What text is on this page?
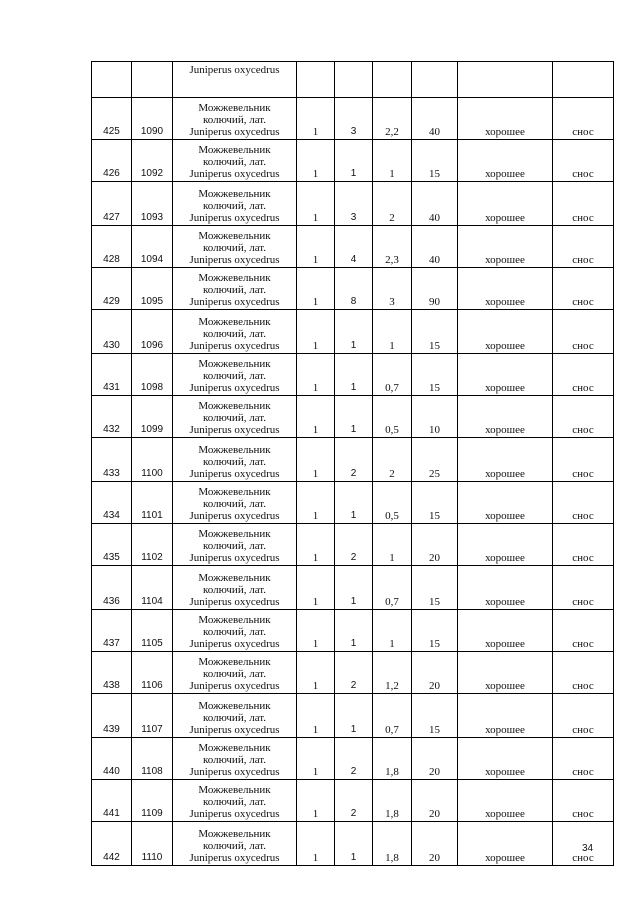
		Juniperus oxycedrus						
425	1090	Можжевельник
колючий, лат.
Juniperus oxycedrus	1	3	2,2	40	хорошее	снос
426	1092	Можжевельник
колючий, лат.
Juniperus oxycedrus	1	1	1	15	хорошее	снос
427	1093	Можжевельник
колючий, лат.
Juniperus oxycedrus	1	3	2	40	хорошее	снос
428	1094	Можжевельник
колючий, лат.
Juniperus oxycedrus	1	4	2,3	40	хорошее	снос
429	1095	Можжевельник
колючий, лат.
Juniperus oxycedrus	1	8	3	90	хорошее	снос
430	1096	Можжевельник
колючий, лат.
Juniperus oxycedrus	1	1	1	15	хорошее	снос
431	1098	Можжевельник
колючий, лат.
Juniperus oxycedrus	1	1	0,7	15	хорошее	снос
432	1099	Можжевельник
колючий, лат.
Juniperus oxycedrus	1	1	0,5	10	хорошее	снос
433	1100	Можжевельник
колючий, лат.
Juniperus oxycedrus	1	2	2	25	хорошее	снос
434	1101	Можжевельник
колючий, лат.
Juniperus oxycedrus	1	1	0,5	15	хорошее	снос
435	1102	Можжевельник
колючий, лат.
Juniperus oxycedrus	1	2	1	20	хорошее	снос
436	1104	Можжевельник
колючий, лат.
Juniperus oxycedrus	1	1	0,7	15	хорошее	снос
437	1105	Можжевельник
колючий, лат.
Juniperus oxycedrus	1	1	1	15	хорошее	снос
438	1106	Можжевельник
колючий, лат.
Juniperus oxycedrus	1	2	1,2	20	хорошее	снос
439	1107	Можжевельник
колючий, лат.
Juniperus oxycedrus	1	1	0,7	15	хорошее	снос
440	1108	Можжевельник
колючий, лат.
Juniperus oxycedrus	1	2	1,8	20	хорошее	снос
441	1109	Можжевельник
колючий, лат.
Juniperus oxycedrus	1	2	1,8	20	хорошее	снос
442	1110	Можжевельник
колючий, лат.
Juniperus oxycedrus	1	1	1,8	20	хорошее	снос
34
